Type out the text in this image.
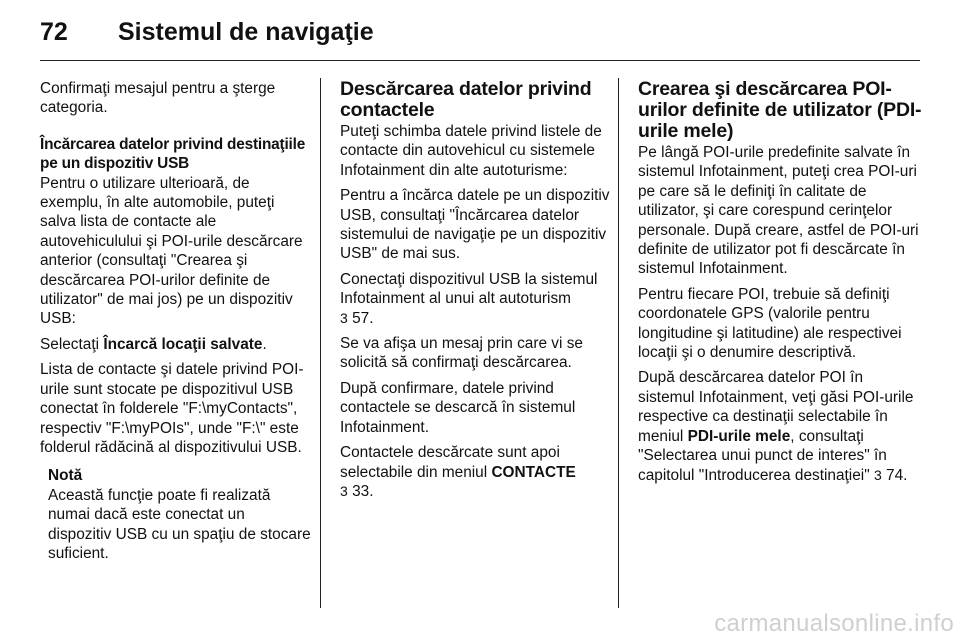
72 Sistemul de navigaţie

Confirmaţi mesajul pentru a şterge categoria.

Încărcarea datelor privind destinaţiile pe un dispozitiv USB

Pentru o utilizare ulterioară, de exemplu, în alte automobile, puteţi salva lista de contacte ale autovehiculului şi POI-urile descărcare anterior (consultaţi "Crearea şi descărcarea POI-urilor definite de utilizator" de mai jos) pe un dispozitiv USB:

Selectaţi Încarcă locaţii salvate.

Lista de contacte şi datele privind POI-urile sunt stocate pe dispozitivul USB conectat în folderele "F:\myContacts", respectiv "F:\myPOIs", unde "F:\" este folderul rădăcină al dispozitivului USB.

Notă
Această funcţie poate fi realizată numai dacă este conectat un dispozitiv USB cu un spaţiu de stocare suficient.
Descărcarea datelor privind contactele

Puteţi schimba datele privind listele de contacte din autovehicul cu sistemele Infotainment din alte autoturisme:

Pentru a încărca datele pe un dispozitiv USB, consultaţi "Încărcarea datelor sistemului de navigaţie pe un dispozitiv USB" de mai sus.

Conectaţi dispozitivul USB la sistemul Infotainment al unui alt autoturism
3 57.

Se va afişa un mesaj prin care vi se solicită să confirmaţi descărcarea.

După confirmare, datele privind contactele se descarcă în sistemul Infotainment.

Contactele descărcate sunt apoi selectabile din meniul CONTACTE
3 33.

Crearea şi descărcarea POI-urilor definite de utilizator (PDI-urile mele)

Pe lângă POI-urile predefinite salvate în sistemul Infotainment, puteţi crea POI-uri pe care să le definiţi în calitate de utilizator, şi care corespund cerinţelor personale. După creare, astfel de POI-uri definite de utilizator pot fi descărcate în sistemul Infotainment.

Pentru fiecare POI, trebuie să definiţi coordonatele GPS (valorile pentru longitudine şi latitudine) ale respectivei locaţii şi o denumire descriptivă.

După descărcarea datelor POI în sistemul Infotainment, veţi găsi POI-urile respective ca destinaţii selectabile în meniul PDI-urile mele, consultaţi "Selectarea unui punct de interes" în capitolul "Introducerea destinaţiei" 3 74.

carmanualsonline.info
